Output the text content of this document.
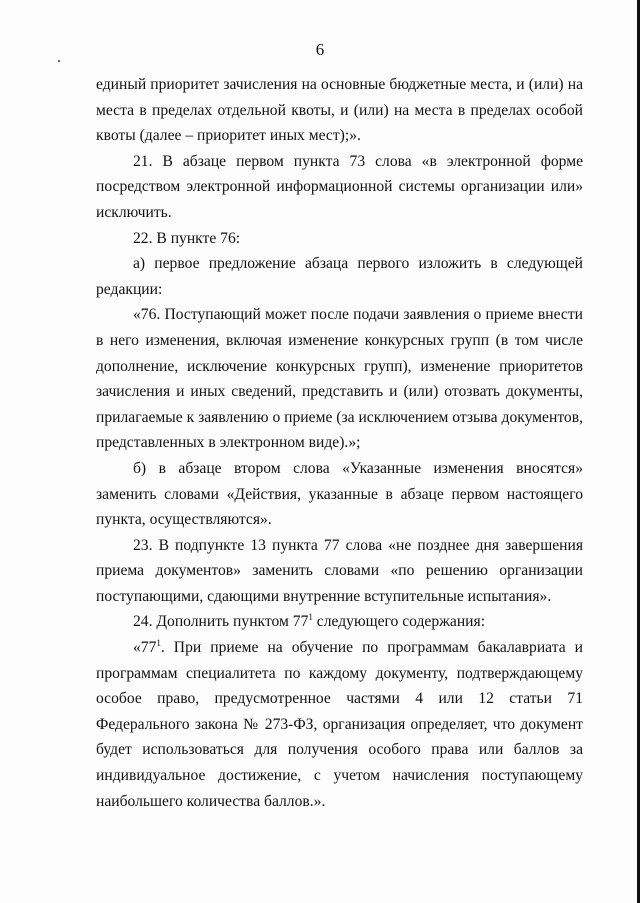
6

единый приоритет зачисления на основные бюджетные места, и (или) на места в пределах отдельной квоты, и (или) на места в пределах особой квоты (далее – приоритет иных мест);».

21. В абзаце первом пункта 73 слова «в электронной форме посредством электронной информационной системы организации или» исключить.

22. В пункте 76:

а) первое предложение абзаца первого изложить в следующей редакции:

«76. Поступающий может после подачи заявления о приеме внести в него изменения, включая изменение конкурсных групп (в том числе дополнение, исключение конкурсных групп), изменение приоритетов зачисления и иных сведений, представить и (или) отозвать документы, прилагаемые к заявлению о приеме (за исключением отзыва документов, представленных в электронном виде).»;

б) в абзаце втором слова «Указанные изменения вносятся» заменить словами «Действия, указанные в абзаце первом настоящего пункта, осуществляются».

23. В подпункте 13 пункта 77 слова «не позднее дня завершения приема документов» заменить словами «по решению организации поступающими, сдающими внутренние вступительные испытания».

24. Дополнить пунктом $77^1$ следующего содержания:

«$77^1$. При приеме на обучение по программам бакалавриата и программам специалитета по каждому документу, подтверждающему особое право, предусмотренное частями 4 или 12 статьи 71 Федерального закона № 273-ФЗ, организация определяет, что документ будет использоваться для получения особого права или баллов за индивидуальное достижение, с учетом начисления поступающему наибольшего количества баллов.».
